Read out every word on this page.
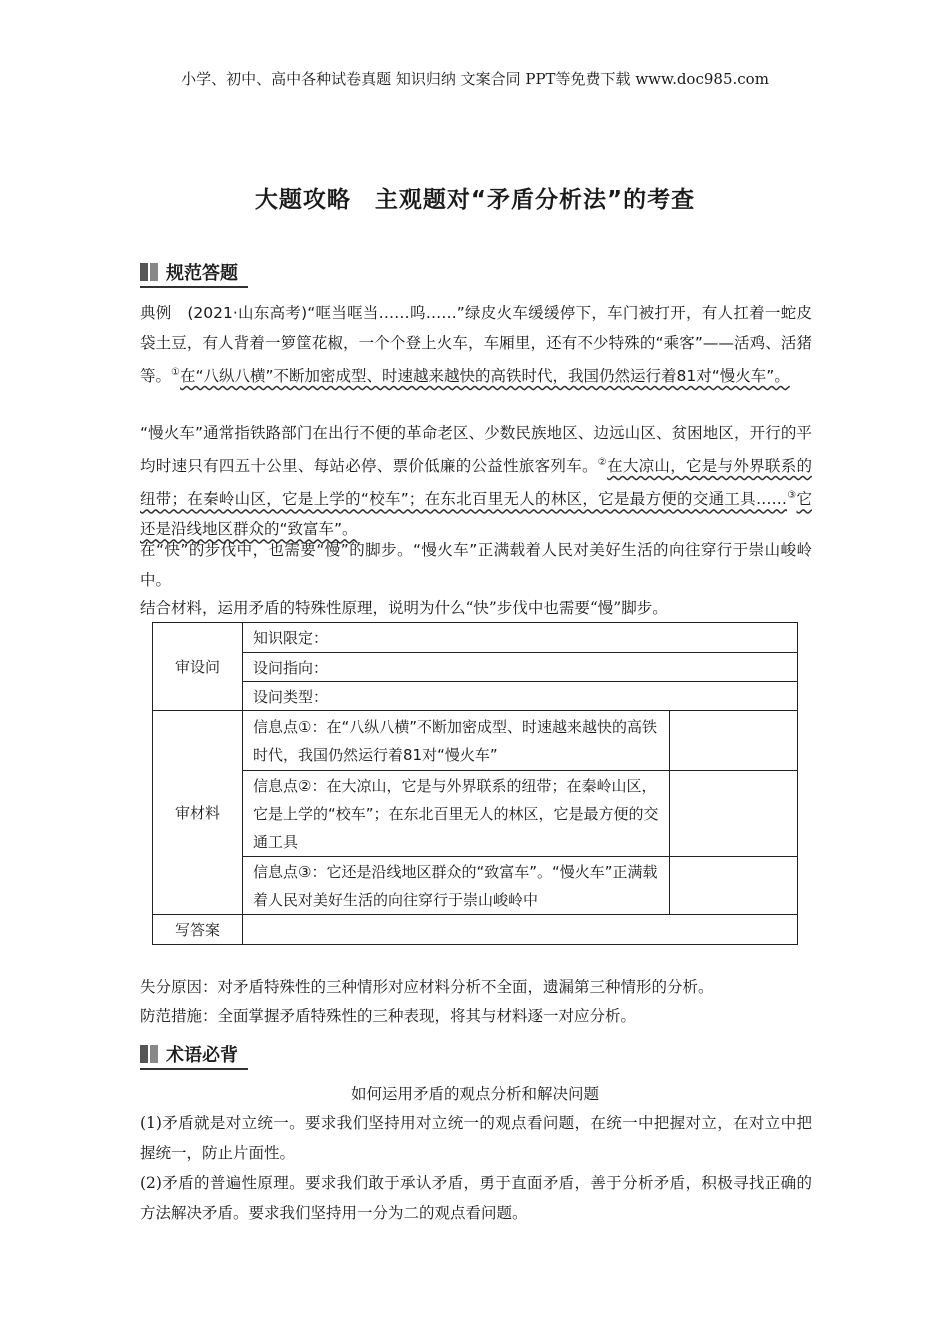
小学、初中、高中各种试卷真题 知识归纳 文案合同 PPT等免费下载 www.doc985.com
大题攻略　主观题对“矛盾分析法”的考查
规范答题
典例　(2021·山东高考)“哐当哐当……呜……”绿皮火车缓缓停下，车门被打开，有人扛着一蛇皮袋土豆，有人背着一箩筐花椒，一个个登上火车，车厢里，还有不少特殊的“乘客”——活鸡、活猪等。①在“八纵八横”不断加密成型、时速越来越快的高铁时代，我国仍然运行着81对“慢火车”。
“慢火车”通常指铁路部门在出行不便的革命老区、少数民族地区、边远山区、贫困地区，开行的平均时速只有四五十公里、每站必停、票价低廉的公益性旅客列车。②在大凉山，它是与外界联系的纽带；在秦岭山区，它是上学的“校车”；在东北百里无人的林区，它是最方便的交通工具……③它还是沿线地区群众的“致富车”。
在“快”的步伐中，也需要“慢”的脚步。“慢火车”正满载着人民对美好生活的向往穿行于崇山峻岭中。
结合材料，运用矛盾的特殊性原理，说明为什么“快”步伐中也需要“慢”脚步。
审设问	知识限定：	
	设问指向：	
	设问类型：	
审材料	信息点①：在“八纵八横”不断加密成型、时速越来越快的高铁时代，我国仍然运行着81对“慢火车”	
	信息点②：在大凉山，它是与外界联系的纽带；在秦岭山区，它是上学的“校车”；在东北百里无人的林区，它是最方便的交通工具	
	信息点③：它还是沿线地区群众的“致富车”。“慢火车”正满载着人民对美好生活的向往穿行于崇山峻岭中	
写答案		
失分原因：对矛盾特殊性的三种情形对应材料分析不全面，遗漏第三种情形的分析。
防范措施：全面掌握矛盾特殊性的三种表现，将其与材料逐一对应分析。
术语必背
如何运用矛盾的观点分析和解决问题
(1)矛盾就是对立统一。要求我们坚持用对立统一的观点看问题，在统一中把握对立，在对立中把握统一，防止片面性。
(2)矛盾的普遍性原理。要求我们敢于承认矛盾，勇于直面矛盾，善于分析矛盾，积极寻找正确的方法解决矛盾。要求我们坚持用一分为二的观点看问题。
